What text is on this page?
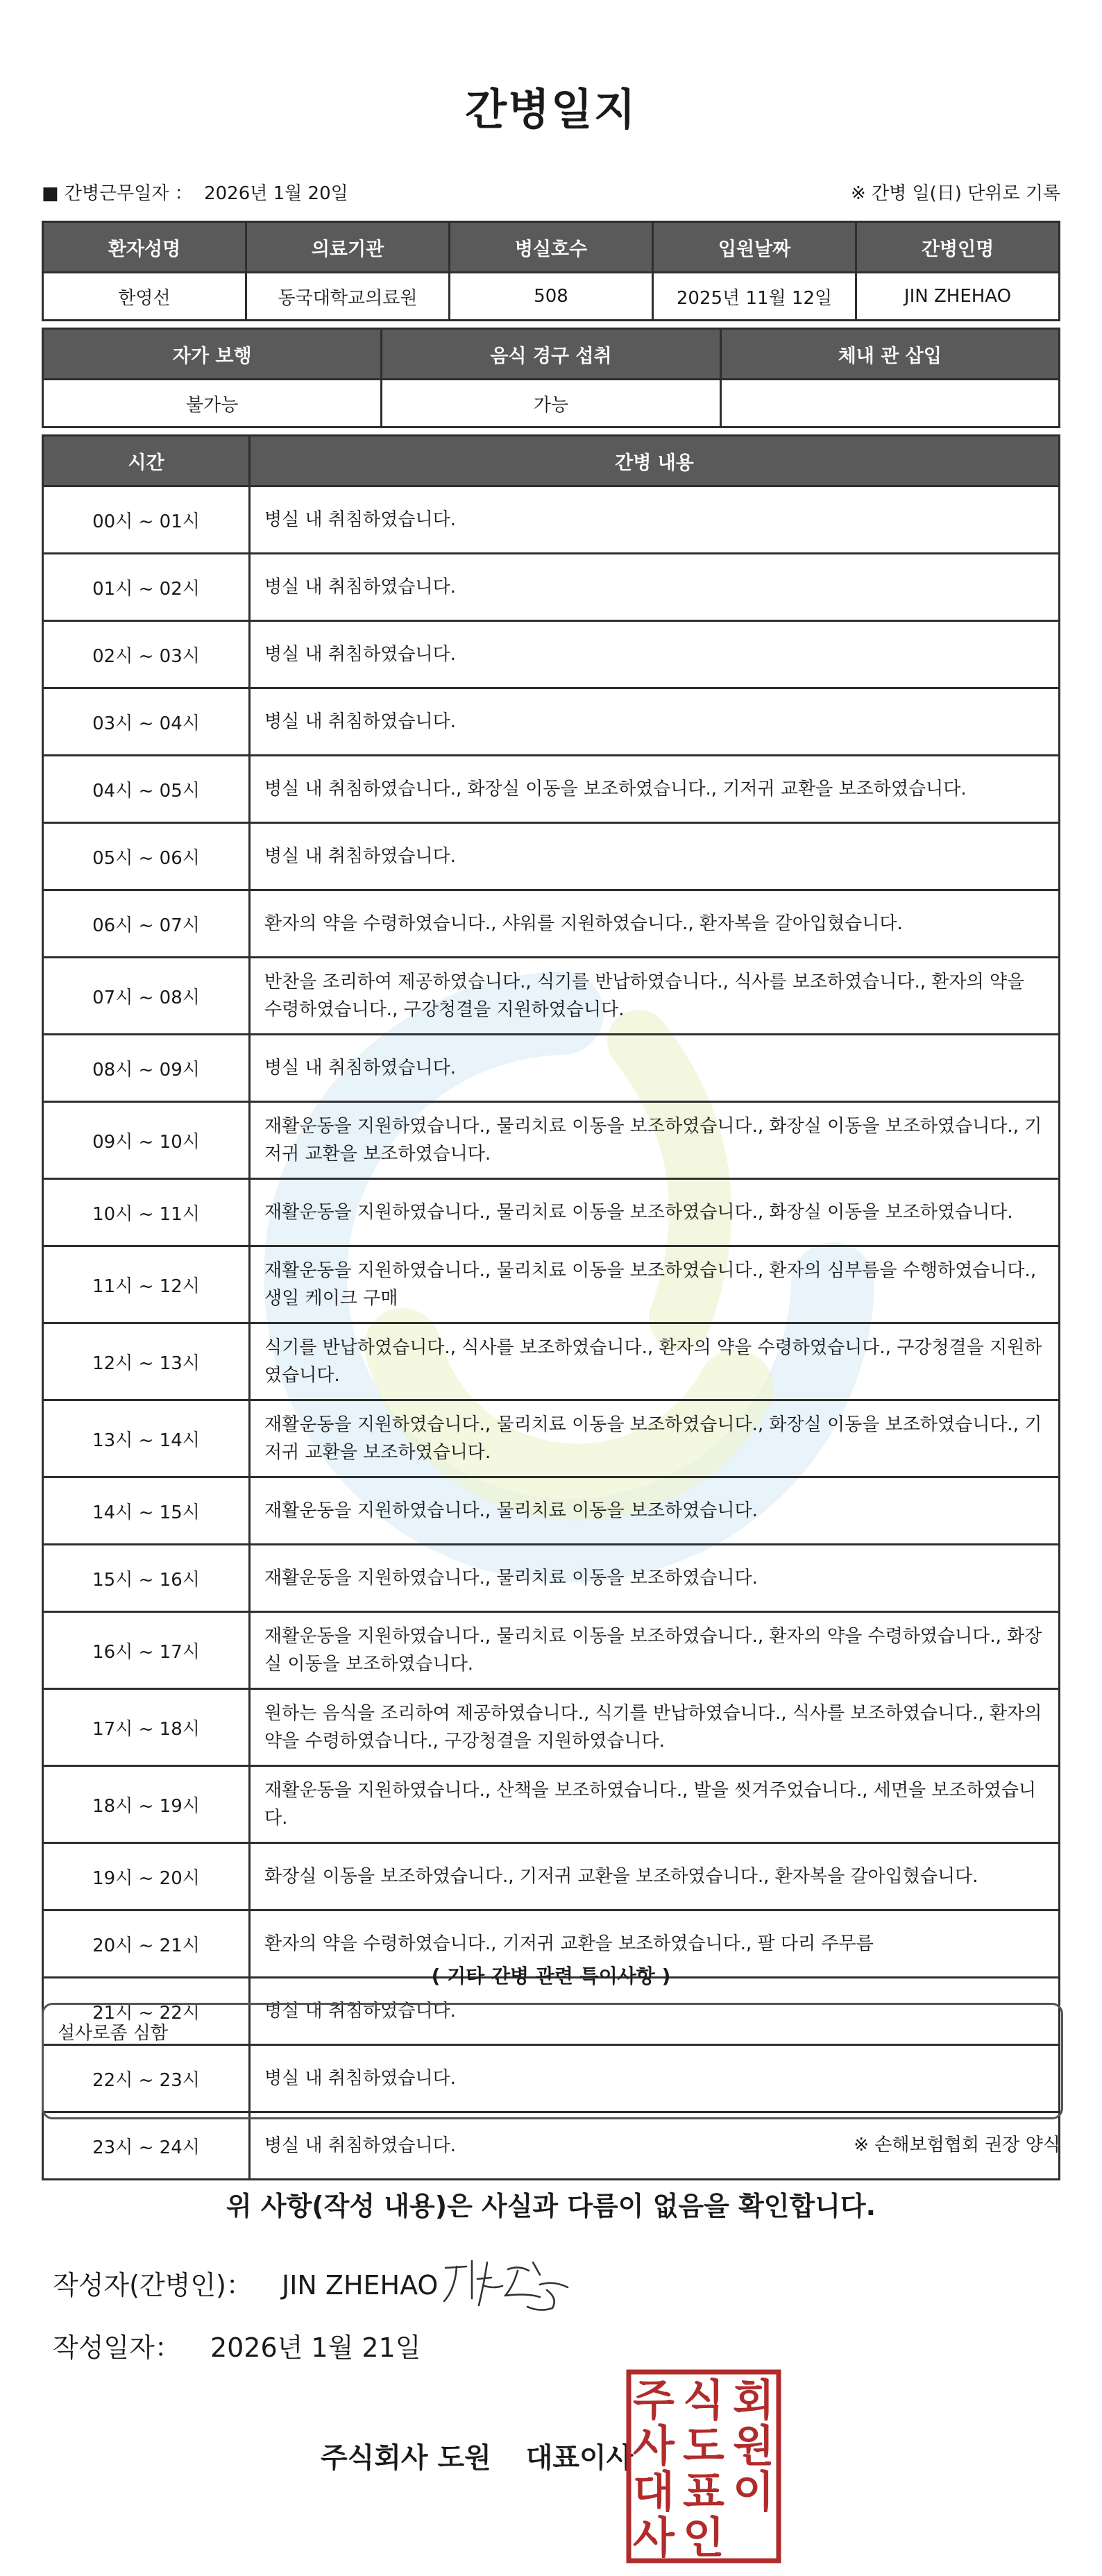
간병일지
■ 간병근무일자 ： 2026년 1월 20일	※ 간병 일(日) 단위로 기록
환자성명	의료기관	병실호수	입원날짜	간병인명
한영선	동국대학교의료원	508	2025년 11월 12일	JIN ZHEHAO
자가 보행	음식 경구 섭취	체내 관 삽입
불가능	가능	
시간	간병 내용
00시 ~ 01시	병실 내 취침하였습니다.
01시 ~ 02시	병실 내 취침하였습니다.
02시 ~ 03시	병실 내 취침하였습니다.
03시 ~ 04시	병실 내 취침하였습니다.
04시 ~ 05시	병실 내 취침하였습니다., 화장실 이동을 보조하였습니다., 기저귀 교환을 보조하였습니다.
05시 ~ 06시	병실 내 취침하였습니다.
06시 ~ 07시	환자의 약을 수령하였습니다., 샤워를 지원하였습니다., 환자복을 갈아입혔습니다.
07시 ~ 08시	반찬을 조리하여 제공하였습니다., 식기를 반납하였습니다., 식사를 보조하였습니다., 환자의 약을 수령하였습니다., 구강청결을 지원하였습니다.
08시 ~ 09시	병실 내 취침하였습니다.
09시 ~ 10시	재활운동을 지원하였습니다., 물리치료 이동을 보조하였습니다., 화장실 이동을 보조하였습니다., 기저귀 교환을 보조하였습니다.
10시 ~ 11시	재활운동을 지원하였습니다., 물리치료 이동을 보조하였습니다., 화장실 이동을 보조하였습니다.
11시 ~ 12시	재활운동을 지원하였습니다., 물리치료 이동을 보조하였습니다., 환자의 심부름을 수행하였습니다., 생일 케이크 구매
12시 ~ 13시	식기를 반납하였습니다., 식사를 보조하였습니다., 환자의 약을 수령하였습니다., 구강청결을 지원하였습니다.
13시 ~ 14시	재활운동을 지원하였습니다., 물리치료 이동을 보조하였습니다., 화장실 이동을 보조하였습니다., 기저귀 교환을 보조하였습니다.
14시 ~ 15시	재활운동을 지원하였습니다., 물리치료 이동을 보조하였습니다.
15시 ~ 16시	재활운동을 지원하였습니다., 물리치료 이동을 보조하였습니다.
16시 ~ 17시	재활운동을 지원하였습니다., 물리치료 이동을 보조하였습니다., 환자의 약을 수령하였습니다., 화장실 이동을 보조하였습니다.
17시 ~ 18시	원하는 음식을 조리하여 제공하였습니다., 식기를 반납하였습니다., 식사를 보조하였습니다., 환자의 약을 수령하였습니다., 구강청결을 지원하였습니다.
18시 ~ 19시	재활운동을 지원하였습니다., 산책을 보조하였습니다., 발을 씻겨주었습니다., 세면을 보조하였습니다.
19시 ~ 20시	화장실 이동을 보조하였습니다., 기저귀 교환을 보조하였습니다., 환자복을 갈아입혔습니다.
20시 ~ 21시	환자의 약을 수령하였습니다., 기저귀 교환을 보조하였습니다., 팔 다리 주무름
21시 ~ 22시	병실 내 취침하였습니다.
22시 ~ 23시	병실 내 취침하였습니다.
23시 ~ 24시	병실 내 취침하였습니다.
( 기타 간병 관련 특이사항 )
설사로좀 심함
※ 손해보험협회 권장 양식
위 사항(작성 내용)은 사실과 다름이 없음을 확인합니다.
작성자(간병인)： JIN ZHEHAO
작성일자： 2026년 1월 21일
주식회사 도원 대표이사
주 식 회
사 도 원
대 표 이
사 인
